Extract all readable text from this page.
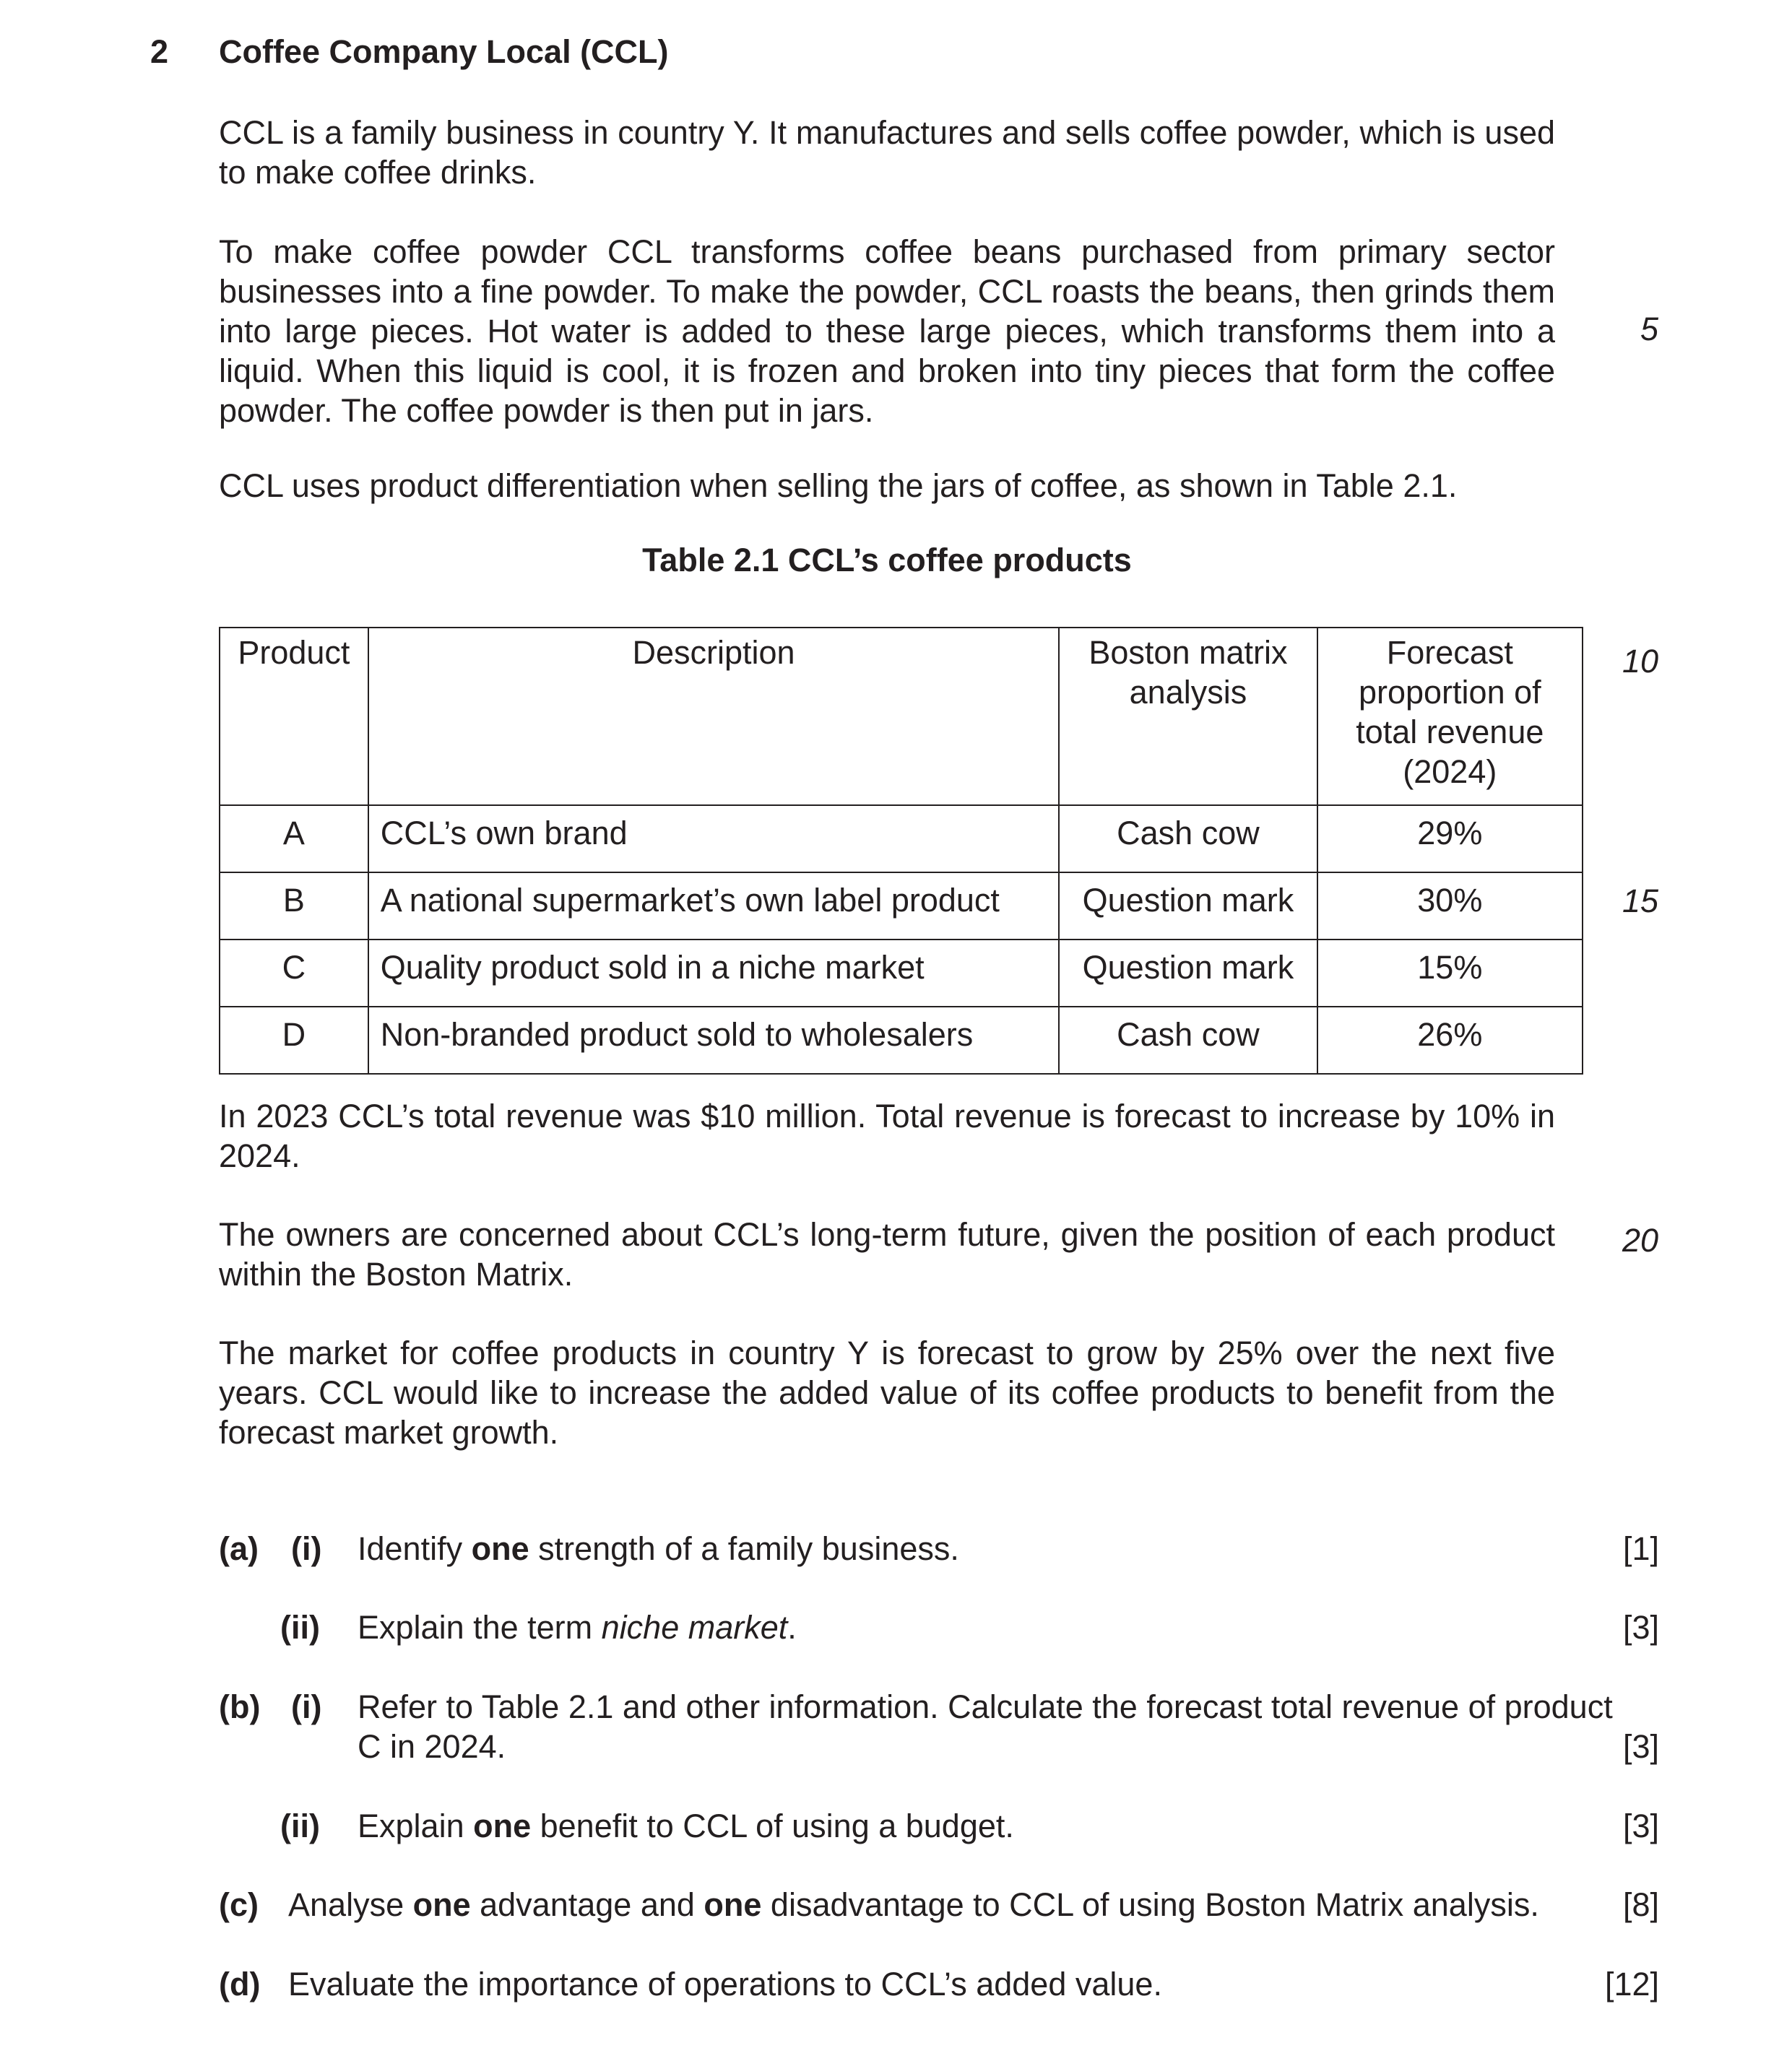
2 Coffee Company Local (CCL)
CCL is a family business in country Y. It manufactures and sells coffee powder, which is used to make coffee drinks.
To make coffee powder CCL transforms coffee beans purchased from primary sector businesses into a fine powder. To make the powder, CCL roasts the beans, then grinds them into large pieces. Hot water is added to these large pieces, which transforms them into a liquid. When this liquid is cool, it is frozen and broken into tiny pieces that form the coffee powder. The coffee powder is then put in jars.
CCL uses product differentiation when selling the jars of coffee, as shown in Table 2.1.
5
10
15
20
Table 2.1 CCL’s coffee products
Product	Description	Boston matrix analysis	Forecast proportion of total revenue (2024)
A	CCL’s own brand	Cash cow	29%
B	A national supermarket’s own label product	Question mark	30%
C	Quality product sold in a niche market	Question mark	15%
D	Non-branded product sold to wholesalers	Cash cow	26%
In 2023 CCL’s total revenue was $10 million. Total revenue is forecast to increase by 10% in 2024.
The owners are concerned about CCL’s long-term future, given the position of each product within the Boston Matrix.
The market for coffee products in country Y is forecast to grow by 25% over the next five years. CCL would like to increase the added value of its coffee products to benefit from the forecast market growth.
(a) (i) Identify one strength of a family business.	[1]
(ii) Explain the term niche market.	[3]
(b) (i) Refer to Table 2.1 and other information. Calculate the forecast total revenue of product
C in 2024.	[3]
(ii) Explain one benefit to CCL of using a budget.	[3]
(c) Analyse one advantage and one disadvantage to CCL of using Boston Matrix analysis.	[8]
(d) Evaluate the importance of operations to CCL’s added value.	[12]
